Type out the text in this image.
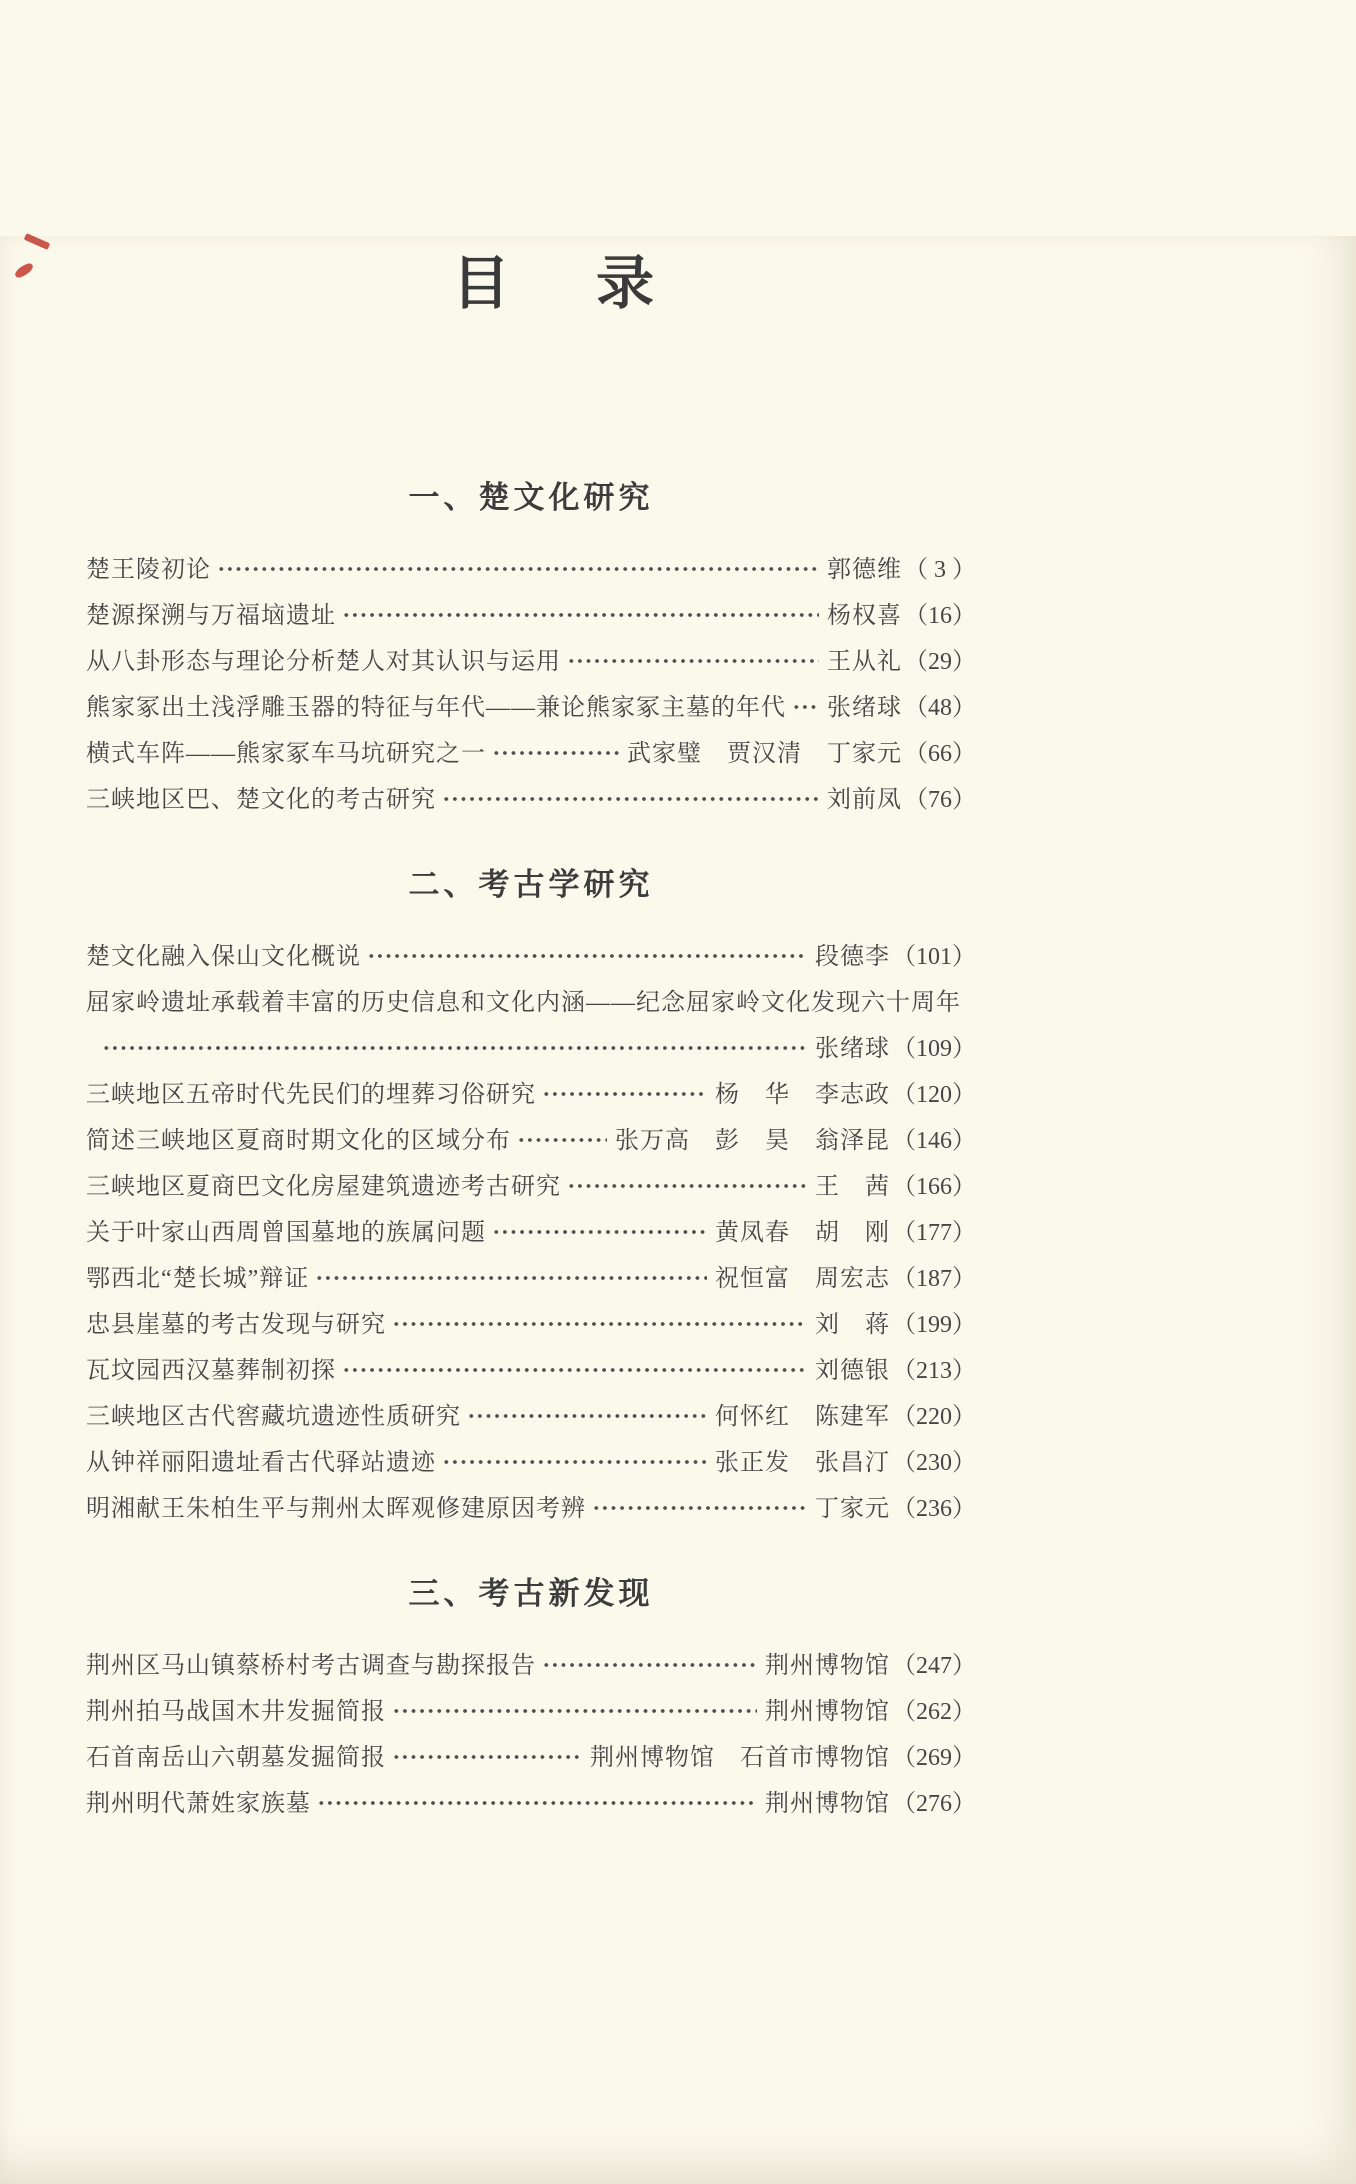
目　录
一、楚文化研究
楚王陵初论	郭德维 （ 3 ）
楚源探溯与万福垴遗址	杨权喜 （16）
从八卦形态与理论分析楚人对其认识与运用	王从礼 （29）
熊家冢出土浅浮雕玉器的特征与年代——兼论熊家冢主墓的年代 张绪球 （48）
横式车阵——熊家冢车马坑研究之一	武家璧　贾汉清　丁家元 （66）
三峡地区巴、楚文化的考古研究	刘前凤 （76）
二、考古学研究
楚文化融入保山文化概说	段德李 （101）
屈家岭遗址承载着丰富的历史信息和文化内涵——纪念屈家岭文化发现六十周年
张绪球 （109）
三峡地区五帝时代先民们的埋葬习俗研究	杨　华　李志政 （120）
简述三峡地区夏商时期文化的区域分布	张万高　彭　昊　翁泽昆 （146）
三峡地区夏商巴文化房屋建筑遗迹考古研究	王　茜 （166）
关于叶家山西周曾国墓地的族属问题	黄凤春　胡　刚 （177）
鄂西北“楚长城”辩证	祝恒富　周宏志 （187）
忠县崖墓的考古发现与研究	刘　蒋 （199）
瓦坟园西汉墓葬制初探	刘德银 （213）
三峡地区古代窖藏坑遗迹性质研究	何怀红　陈建军 （220）
从钟祥丽阳遗址看古代驿站遗迹	张正发　张昌汀 （230）
明湘献王朱柏生平与荆州太晖观修建原因考辨	丁家元 （236）
三、考古新发现
荆州区马山镇蔡桥村考古调查与勘探报告	荆州博物馆 （247）
荆州拍马战国木井发掘简报	荆州博物馆 （262）
石首南岳山六朝墓发掘简报	荆州博物馆　石首市博物馆 （269）
荆州明代萧姓家族墓	荆州博物馆 （276）
